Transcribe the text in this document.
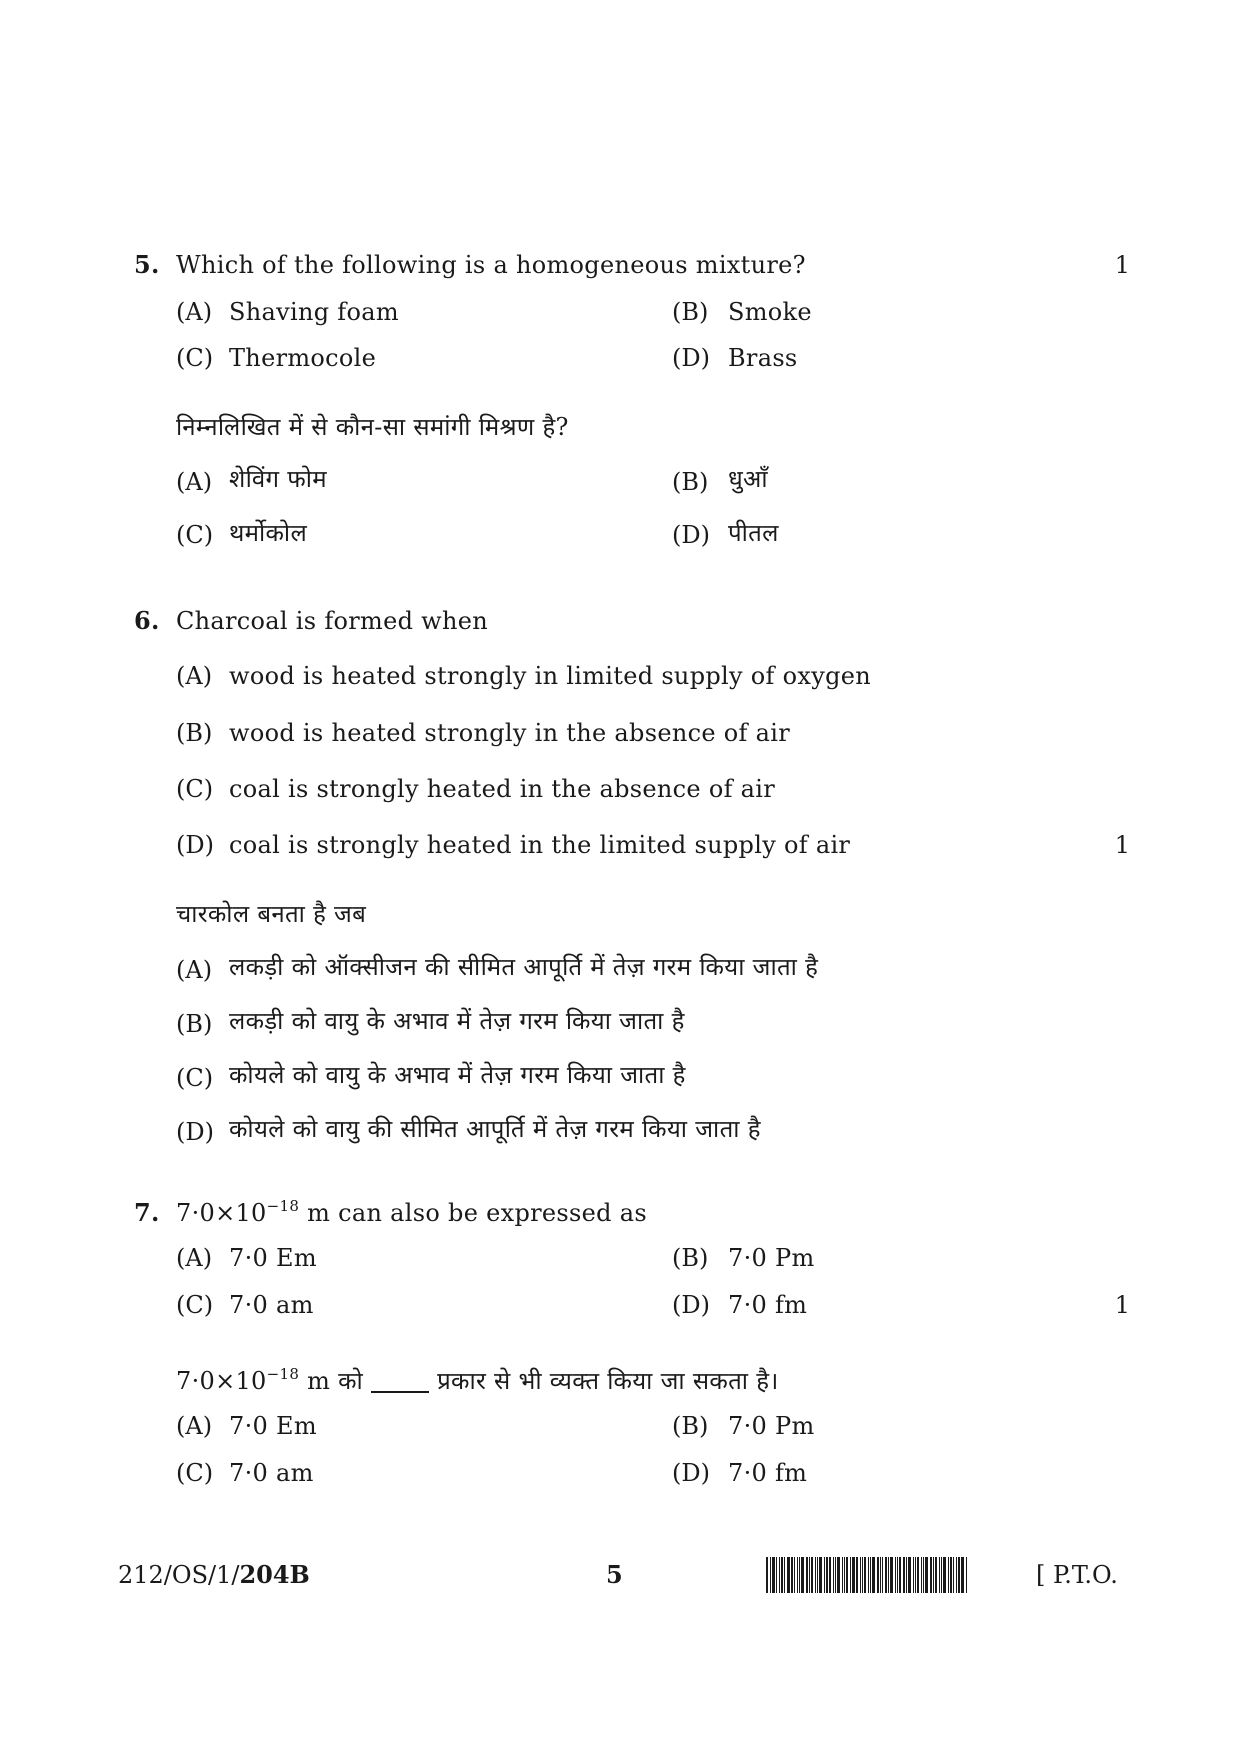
5. Which of the following is a homogeneous mixture?	1
(A) Shaving foam	(B) Smoke
(C) Thermocole	(D) Brass
निम्नलिखित में से कौन-सा समांगी मिश्रण है?
(A) शेविंग फोम	(B) धुआँ
(C) थर्मोकोल	(D) पीतल
6. Charcoal is formed when
(A) wood is heated strongly in limited supply of oxygen
(B) wood is heated strongly in the absence of air
(C) coal is strongly heated in the absence of air
(D) coal is strongly heated in the limited supply of air	1
चारकोल बनता है जब
(A) लकड़ी को ऑक्सीजन की सीमित आपूर्ति में तेज़ गरम किया जाता है
(B) लकड़ी को वायु के अभाव में तेज़ गरम किया जाता है
(C) कोयले को वायु के अभाव में तेज़ गरम किया जाता है
(D) कोयले को वायु की सीमित आपूर्ति में तेज़ गरम किया जाता है
7. $7\cdot 0\times 10^{-18}$ m can also be expressed as
(A) 7·0 Em	(B) 7·0 Pm
(C) 7·0 am	(D) 7·0 fm	1
$7\cdot 0\times 10^{-18}$ m को	प्रकार से भी व्यक्त किया जा सकता है।
(A) 7·0 Em	(B) 7·0 Pm
(C) 7·0 am	(D) 7·0 fm
212/OS/1/204B	5	[ P.T.O.
